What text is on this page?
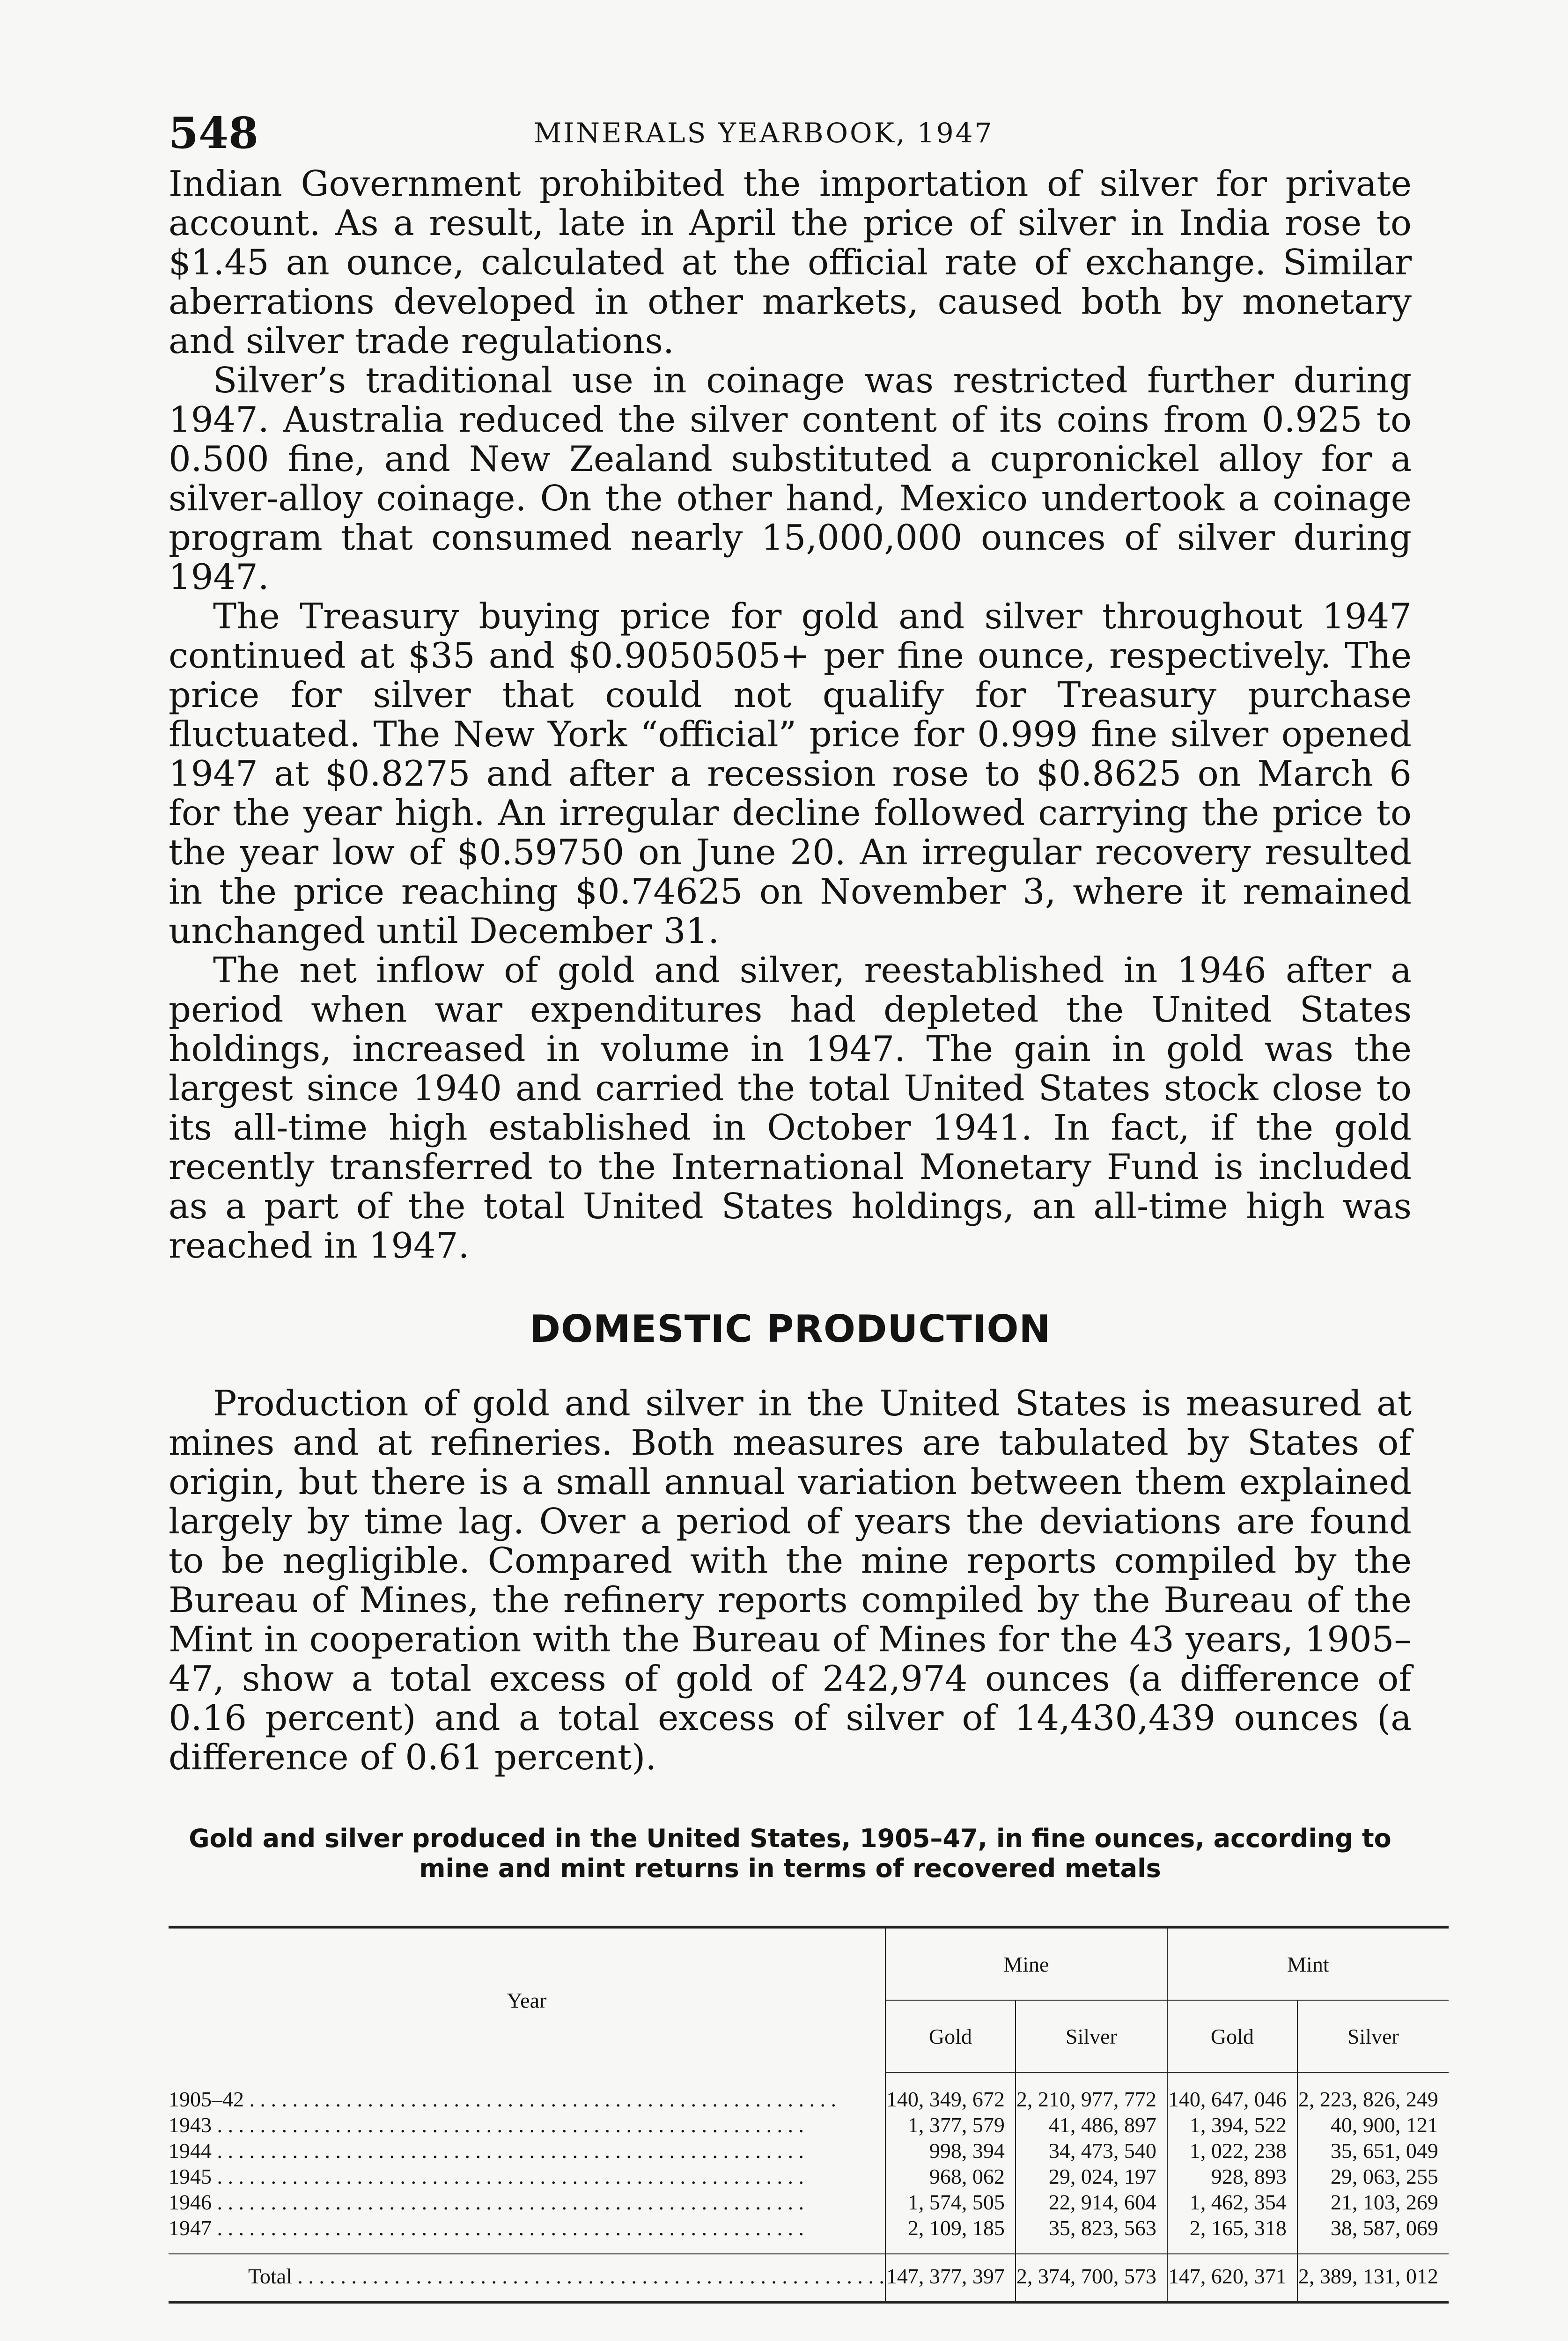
548	MINERALS YEARBOOK, 1947

Indian Government prohibited the importation of silver for private account. As a result, late in April the price of silver in India rose to $1.45 an ounce, calculated at the official rate of exchange. Similar aberrations developed in other markets, caused both by monetary and silver trade regulations.

Silver’s traditional use in coinage was restricted further during 1947. Australia reduced the silver content of its coins from 0.925 to 0.500 fine, and New Zealand substituted a cupronickel alloy for a silver-alloy coinage. On the other hand, Mexico undertook a coinage program that consumed nearly 15,000,000 ounces of silver during 1947.

The Treasury buying price for gold and silver throughout 1947 continued at $35 and $0.9050505+ per fine ounce, respectively. The price for silver that could not qualify for Treasury purchase fluctuated. The New York “official” price for 0.999 fine silver opened 1947 at $0.8275 and after a recession rose to $0.8625 on March 6 for the year high. An irregular decline followed carrying the price to the year low of $0.59750 on June 20. An irregular recovery resulted in the price reaching $0.74625 on November 3, where it remained unchanged until December 31.

The net inflow of gold and silver, reestablished in 1946 after a period when war expenditures had depleted the United States holdings, increased in volume in 1947. The gain in gold was the largest since 1940 and carried the total United States stock close to its all-time high established in October 1941. In fact, if the gold recently transferred to the International Monetary Fund is included as a part of the total United States holdings, an all-time high was reached in 1947.

DOMESTIC PRODUCTION

Production of gold and silver in the United States is measured at mines and at refineries. Both measures are tabulated by States of origin, but there is a small annual variation between them explained largely by time lag. Over a period of years the deviations are found to be negligible. Compared with the mine reports compiled by the Bureau of Mines, the refinery reports compiled by the Bureau of the Mint in cooperation with the Bureau of Mines for the 43 years, 1905–47, show a total excess of gold of 242,974 ounces (a difference of 0.16 percent) and a total excess of silver of 14,430,439 ounces (a difference of 0.61 percent).

Gold and silver produced in the United States, 1905–47, in fine ounces, according to mine and mint returns in terms of recovered metals
Year	Mine		Mint	
	Gold	Silver	Gold	Silver
1905–42 . . .	140, 349, 672	2, 210, 977, 772	140, 647, 046	2, 223, 826, 249
1943 . . .	1, 377, 579	41, 486, 897	1, 394, 522	40, 900, 121
1944 . . .	998, 394	34, 473, 540	1, 022, 238	35, 651, 049
1945 . . .	968, 062	29, 024, 197	928, 893	29, 063, 255
1946 . . .	1, 574, 505	22, 914, 604	1, 462, 354	21, 103, 269
1947 . . .	2, 109, 185	35, 823, 563	2, 165, 318	38, 587, 069
Total . . .	147, 377, 397	2, 374, 700, 573	147, 620, 371	2, 389, 131, 012
